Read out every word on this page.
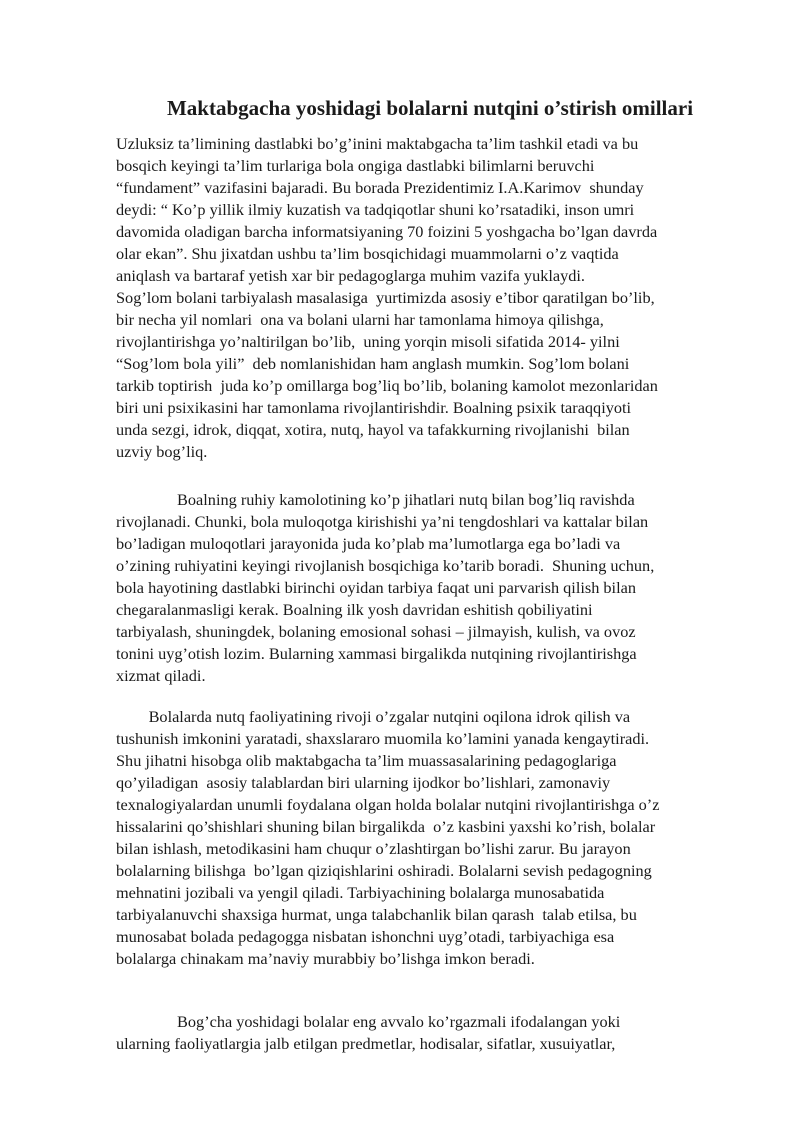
Maktabgacha yoshidagi bolalarni nutqini o’stirish omillari
Uzluksiz ta’limining dastlabki bo’g’inini maktabgacha ta’lim tashkil etadi va bu
bosqich keyingi ta’lim turlariga bola ongiga dastlabki bilimlarni beruvchi
“fundament” vazifasini bajaradi. Bu borada Prezidentimiz I.A.Karimov  shunday
deydi: “ Ko’p yillik ilmiy kuzatish va tadqiqotlar shuni ko’rsatadiki, inson umri
davomida oladigan barcha informatsiyaning 70 foizini 5 yoshgacha bo’lgan davrda
olar ekan”. Shu jixatdan ushbu ta’lim bosqichidagi muammolarni o’z vaqtida
aniqlash va bartaraf yetish xar bir pedagoglarga muhim vazifa yuklaydi.
Sog’lom bolani tarbiyalash masalasiga  yurtimizda asosiy e’tibor qaratilgan bo’lib,
bir necha yil nomlari  ona va bolani ularni har tamonlama himoya qilishga,
rivojlantirishga yo’naltirilgan bo’lib,  uning yorqin misoli sifatida 2014- yilni
“Sog’lom bola yili”  deb nomlanishidan ham anglash mumkin. Sog’lom bolani
tarkib toptirish  juda ko’p omillarga bog’liq bo’lib, bolaning kamolot mezonlaridan
biri uni psixikasini har tamonlama rivojlantirishdir. Boalning psixik taraqqiyoti
unda sezgi, idrok, diqqat, xotira, nutq, hayol va tafakkurning rivojlanishi  bilan
uzviy bog’liq.
Boalning ruhiy kamolotining ko’p jihatlari nutq bilan bog’liq ravishda
rivojlanadi. Chunki, bola muloqotga kirishishi ya’ni tengdoshlari va kattalar bilan
bo’ladigan muloqotlari jarayonida juda ko’plab ma’lumotlarga ega bo’ladi va
o’zining ruhiyatini keyingi rivojlanish bosqichiga ko’tarib boradi.  Shuning uchun,
bola hayotining dastlabki birinchi oyidan tarbiya faqat uni parvarish qilish bilan
chegaralanmasligi kerak. Boalning ilk yosh davridan eshitish qobiliyatini
tarbiyalash, shuningdek, bolaning emosional sohasi – jilmayish, kulish, va ovoz
tonini uyg’otish lozim. Bularning xammasi birgalikda nutqining rivojlantirishga
xizmat qiladi.
Bolalarda nutq faoliyatining rivoji o’zgalar nutqini oqilona idrok qilish va
tushunish imkonini yaratadi, shaxslararo muomila ko’lamini yanada kengaytiradi.
Shu jihatni hisobga olib maktabgacha ta’lim muassasalarining pedagoglariga
qo’yiladigan  asosiy talablardan biri ularning ijodkor bo’lishlari, zamonaviy
texnalogiyalardan unumli foydalana olgan holda bolalar nutqini rivojlantirishga o’z
hissalarini qo’shishlari shuning bilan birgalikda  o’z kasbini yaxshi ko’rish, bolalar
bilan ishlash, metodikasini ham chuqur o’zlashtirgan bo’lishi zarur. Bu jarayon
bolalarning bilishga  bo’lgan qiziqishlarini oshiradi. Bolalarni sevish pedagogning
mehnatini jozibali va yengil qiladi. Tarbiyachining bolalarga munosabatida
tarbiyalanuvchi shaxsiga hurmat, unga talabchanlik bilan qarash  talab etilsa, bu
munosabat bolada pedagogga nisbatan ishonchni uyg’otadi, tarbiyachiga esa
bolalarga chinakam ma’naviy murabbiy bo’lishga imkon beradi.
Bog’cha yoshidagi bolalar eng avvalo ko’rgazmali ifodalangan yoki
ularning faoliyatlargia jalb etilgan predmetlar, hodisalar, sifatlar, xusuiyatlar,
